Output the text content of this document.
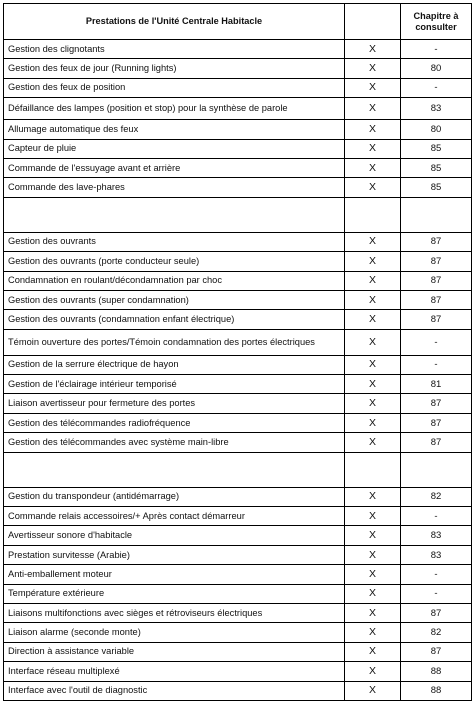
Prestations de l'Unité Centrale Habitacle		Chapitre à consulter
Gestion des clignotants	X	-
Gestion des feux de jour (Running lights)	X	80
Gestion des feux de position	X	-
Défaillance des lampes (position et stop) pour la synthèse de parole	X	83
Allumage automatique des feux	X	80
Capteur de pluie	X	85
Commande de l'essuyage avant et arrière	X	85
Commande des lave-phares	X	85

Gestion des ouvrants	X	87
Gestion des ouvrants (porte conducteur seule)	X	87
Condamnation en roulant/décondamnation par choc	X	87
Gestion des ouvrants (super condamnation)	X	87
Gestion des ouvrants (condamnation enfant électrique)	X	87
Témoin ouverture des portes/Témoin condamnation des portes électriques	X	-
Gestion de la serrure électrique de hayon	X	-
Gestion de l'éclairage intérieur temporisé	X	81
Liaison avertisseur pour fermeture des portes	X	87
Gestion des télécommandes radiofréquence	X	87
Gestion des télécommandes avec système main-libre	X	87

Gestion du transpondeur (antidémarrage)	X	82
Commande relais accessoires/+ Après contact démarreur	X	-
Avertisseur sonore d'habitacle	X	83
Prestation survitesse (Arabie)	X	83
Anti-emballement moteur	X	-
Température extérieure	X	-
Liaisons multifonctions avec sièges et rétroviseurs électriques	X	87
Liaison alarme (seconde monte)	X	82
Direction à assistance variable	X	87
Interface réseau multiplexé	X	88
Interface avec l'outil de diagnostic	X	88
